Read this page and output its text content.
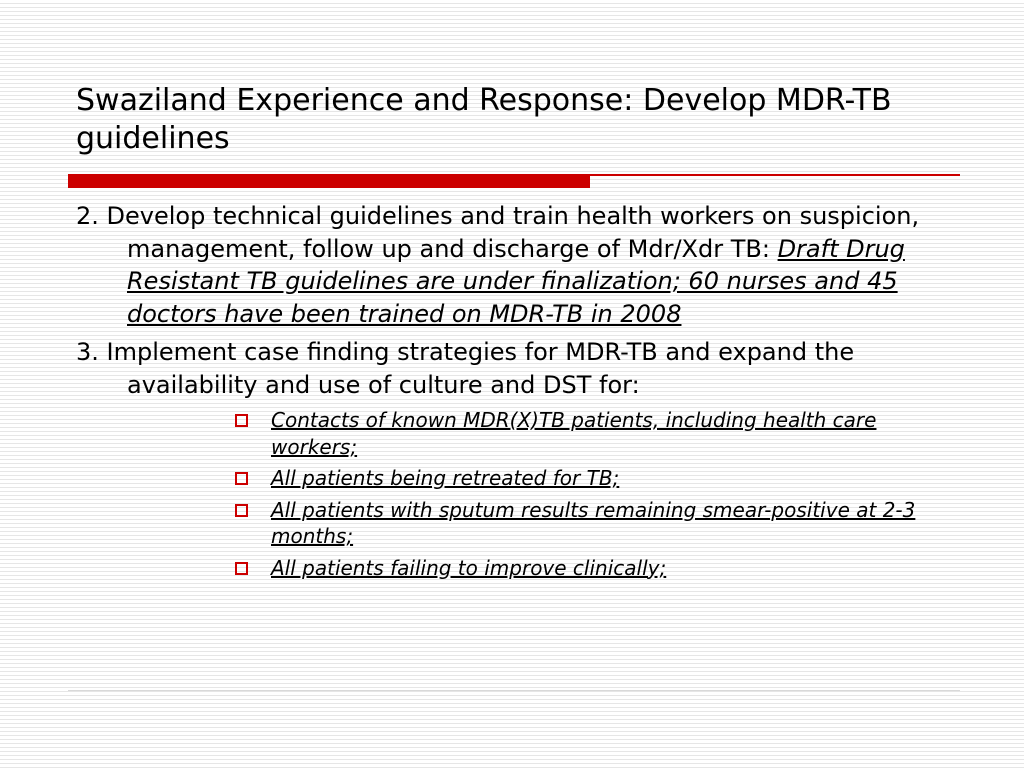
Swaziland Experience and Response: Develop MDR-TB guidelines

2. Develop technical guidelines and train health workers on suspicion, management, follow up and discharge of Mdr/Xdr TB: Draft Drug Resistant TB guidelines are under finalization; 60 nurses and 45 doctors have been trained on MDR-TB in 2008

3. Implement case finding strategies for MDR-TB and expand the availability and use of culture and DST for:
Contacts of known MDR(X)TB patients, including health care workers;
All patients being retreated for TB;
All patients with sputum results remaining smear-positive at 2-3 months;
All patients failing to improve clinically;
